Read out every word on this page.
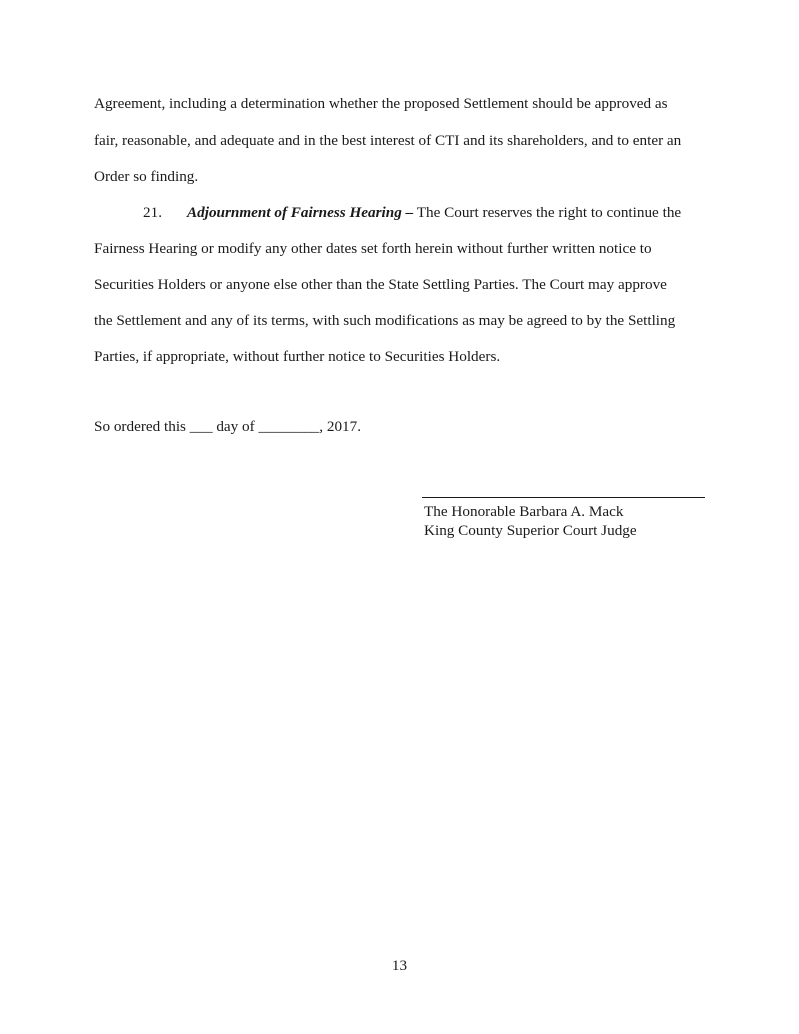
Agreement, including a determination whether the proposed Settlement should be approved as
fair, reasonable, and adequate and in the best interest of CTI and its shareholders, and to enter an
Order so finding.
21. Adjournment of Fairness Hearing – The Court reserves the right to continue the
Fairness Hearing or modify any other dates set forth herein without further written notice to
Securities Holders or anyone else other than the State Settling Parties. The Court may approve
the Settlement and any of its terms, with such modifications as may be agreed to by the Settling
Parties, if appropriate, without further notice to Securities Holders.
So ordered this ___ day of ________, 2017.
The Honorable Barbara A. Mack
King County Superior Court Judge
13
